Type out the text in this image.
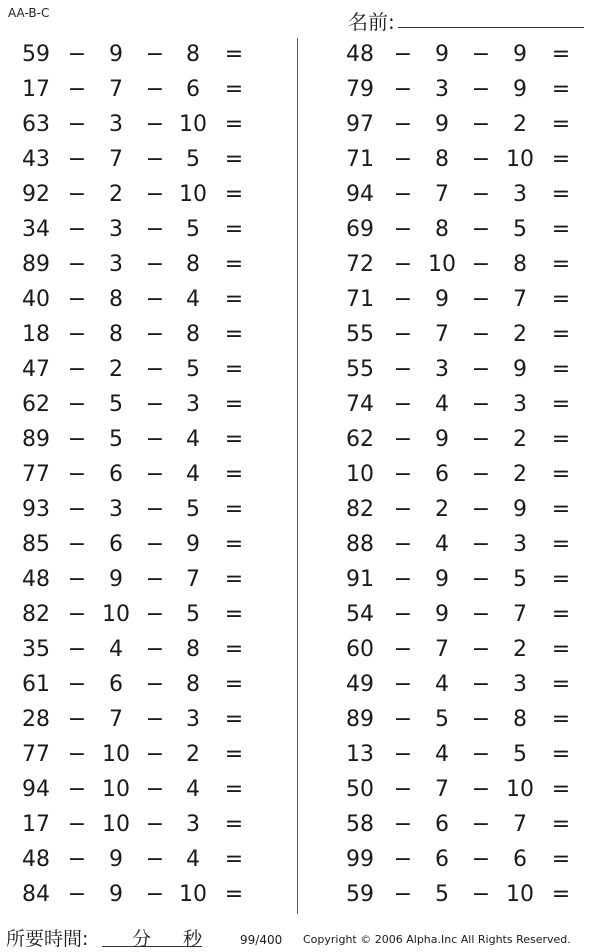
AA-B-C	名前:
59 −	9	− 8	=
17 −	7	− 6	=
63 −	3	− 10 =
43 −	7	− 5	=
92 −	2	− 10 =
34 −	3	− 5	=
89 −	3	− 8	=
40 −	8	− 4	=
18 −	8	− 8	=
47 −	2	− 5	=
62 −	5	− 3	=
89 −	5	− 4	=
77 −	6	− 4	=
93 −	3	− 5	=
85 −	6	− 9	=
48 −	9	− 7	=
82 − 10 − 5	=
35 −	4	− 8	=
61 −	6	− 8	=
28 −	7	− 3	=
77 − 10 − 2	=
94 − 10 − 4	=
17 − 10 − 3	=
48 −	9	− 4	=
84 −	9	− 10 =
48 −	9	−	9	=
79 −	3	−	9	=
97 −	9	−	2	=
71 −	8	− 10 =
94 −	7	−	3	=
69 −	8	−	5	=
72 − 10 −	8	=
71 −	9	−	7	=
55 −	7	−	2	=
55 −	3	−	9	=
74 −	4	−	3	=
62 −	9	−	2	=
10 −	6	−	2	=
82 −	2	−	9	=
88 −	4	−	3	=
91 −	9	−	5	=
54 −	9	−	7	=
60 −	7	−	2	=
49 −	4	−	3	=
89 −	5	−	8	=
13 −	4	−	5	=
50 −	7	− 10 =
58 −	6	−	7	=
99 −	6	−	6	=
59 −	5	− 10 =
所要時間: 分 秒	99/400 Copyright © 2006 Alpha.Inc All Rights Reserved.
